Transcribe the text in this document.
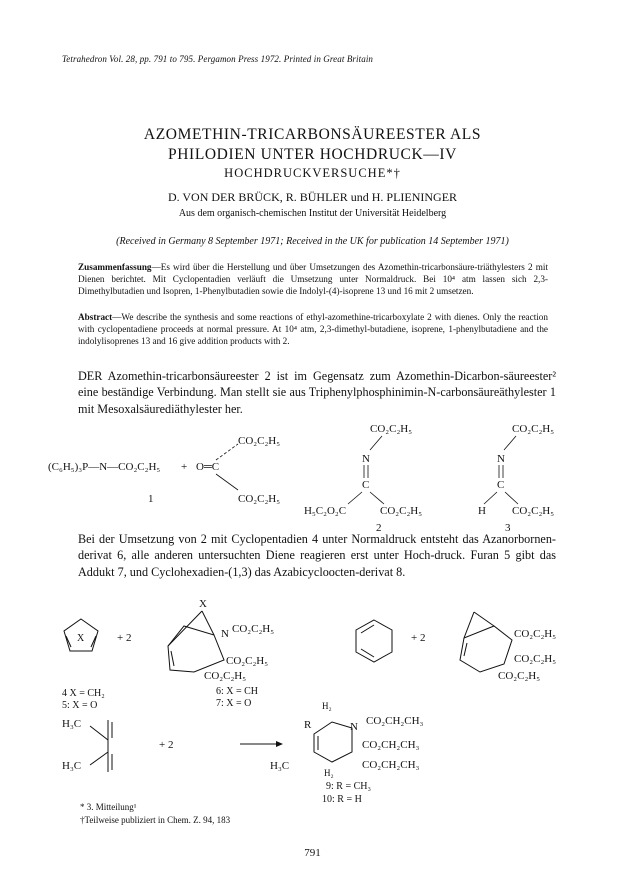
Tetrahedron Vol. 28, pp. 791 to 795. Pergamon Press 1972. Printed in Great Britain
AZOMETHIN-TRICARBONSÄUREESTER ALS
PHILODIEN UNTER HOCHDRUCK—IV
HOCHDRUCKVERSUCHE*†
D. VON DER BRÜCK, R. BÜHLER und H. PLIENINGER
Aus dem organisch-chemischen Institut der Universität Heidelberg
(Received in Germany 8 September 1971; Received in the UK for publication 14 September 1971)
Zusammenfassung—Es wird über die Herstellung und über Umsetzungen des Azomethin-tricarbonsäure-triäthylesters 2 mit Dienen berichtet. Mit Cyclopentadien verläuft die Umsetzung unter Normaldruck. Bei 10⁴ atm lassen sich 2,3-Dimethylbutadien und Isopren, 1-Phenylbutadien sowie die Indolyl-(4)-isoprene 13 und 16 mit 2 umsetzen.
Abstract—We describe the synthesis and some reactions of ethyl-azomethine-tricarboxylate 2 with dienes. Only the reaction with cyclopentadiene proceeds at normal pressure. At 10⁴ atm, 2,3-dimethyl-butadiene, isoprene, 1-phenylbutadiene and the indolylisoprenes 13 and 16 give addition products with 2.
DER Azomethin-tricarbonsäureester 2 ist im Gegensatz zum Azomethin-Dicarbon-säureester² eine beständige Verbindung. Man stellt sie aus Triphenylphosphinimin-N-carbonsäureäthylester 1 mit Mesoxalsäurediäthylester her.
Bei der Umsetzung von 2 mit Cyclopentadien 4 unter Normaldruck entsteht das Azanorbornen-derivat 6, alle anderen untersuchten Diene reagieren erst unter Hoch-druck. Furan 5 gibt das Addukt 7, und Cyclohexadien-(1,3) das Azabicycloocten-derivat 8.
(C₆H₅)₃P—N—CO₂C₂H₅ + O═C
CO₂C₂H₅
CO₂C₂H₅
1
CO₂C₂H₅
N
C
H₅C₂O₂C	CO₂C₂H₅
2
CO₂C₂H₅
N
C
H CO₂C₂H₅
3
X	+ 2
X
N CO₂C₂H₅
CO₂C₂H₅
CO₂C₂H₅
4 X = CH₂
5: X = O
6: X = CH
7: X = O
+ 2	CO₂C₂H₅
CO₂C₂H₅
CO₂C₂H₅
H₃C
H₃C
+ 2
R
H₂
N CO₂CH₂CH₃
CO₂CH₂CH₃
CO₂CH₂CH₃
H₃C
H₂
9: R = CH₃
10: R = H
* 3. Mitteilung¹
†Teilweise publiziert in Chem. Z. 94, 183
791
